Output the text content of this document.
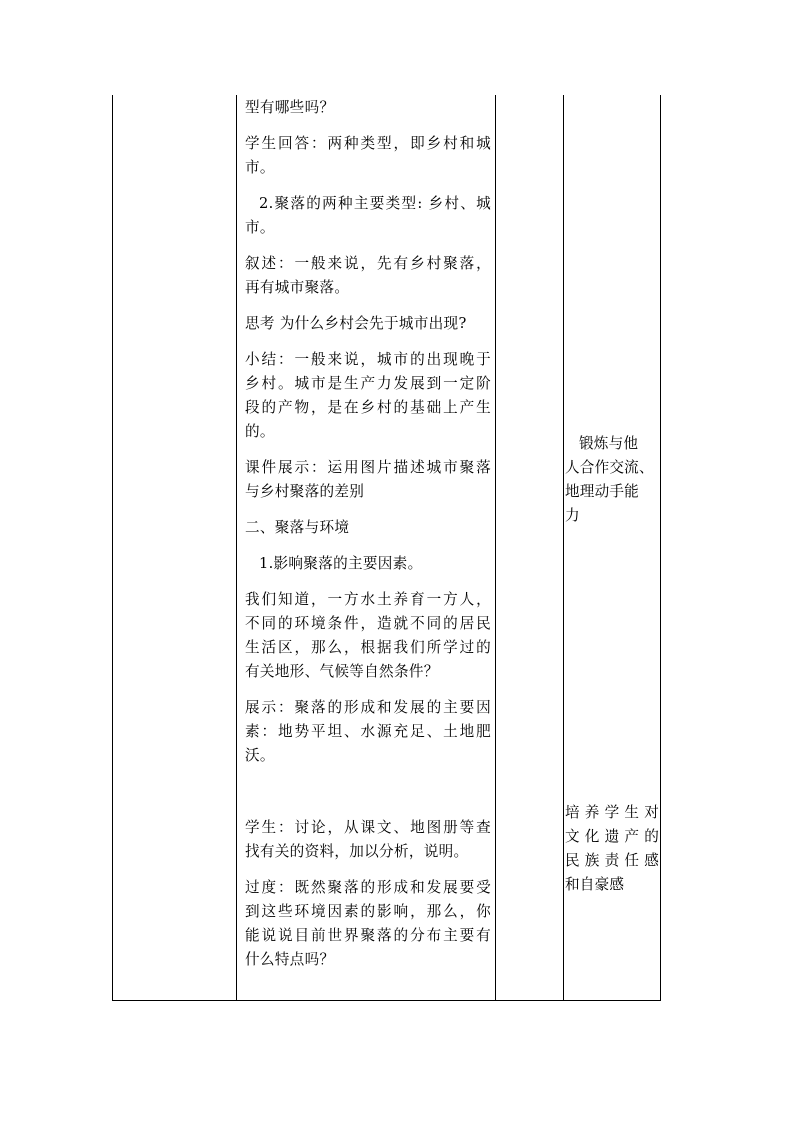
型有哪些吗？

学生回答：两种类型，即乡村和城

市。

2.聚落的两种主要类型: 乡村、城

市。

叙述：一般来说，先有乡村聚落，

再有城市聚落。

思考 为什么乡村会先于城市出现?

小结：一般来说，城市的出现晚于

乡村。城市是生产力发展到一定阶

段的产物，是在乡村的基础上产生

的。

课件展示：运用图片描述城市聚落

与乡村聚落的差别

二、聚落与环境

1.影响聚落的主要因素。

我们知道，一方水土养育一方人，

不同的环境条件，造就不同的居民

生活区，那么，根据我们所学过的

有关地形、气候等自然条件？

展示：聚落的形成和发展的主要因

素：地势平坦、水源充足、土地肥

沃。

学生：讨论，从课文、地图册等查

找有关的资料，加以分析，说明。

过度：既然聚落的形成和发展要受

到这些环境因素的影响，那么，你

能说说目前世界聚落的分布主要有

什么特点吗？

锻炼与他

人合作交流、

地理动手能

力

培养学生对

文化遗产的

民族责任感

和自豪感
